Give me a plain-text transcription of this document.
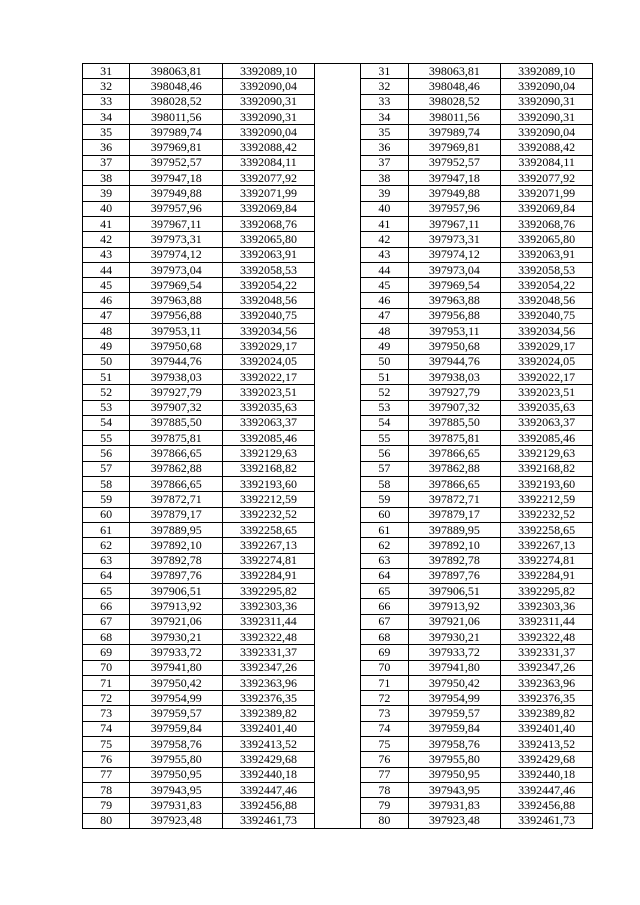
31	398063,81	3392089,10		31	398063,81	3392089,10
32	398048,46	3392090,04		32	398048,46	3392090,04
33	398028,52	3392090,31		33	398028,52	3392090,31
34	398011,56	3392090,31		34	398011,56	3392090,31
35	397989,74	3392090,04		35	397989,74	3392090,04
36	397969,81	3392088,42		36	397969,81	3392088,42
37	397952,57	3392084,11		37	397952,57	3392084,11
38	397947,18	3392077,92		38	397947,18	3392077,92
39	397949,88	3392071,99		39	397949,88	3392071,99
40	397957,96	3392069,84		40	397957,96	3392069,84
41	397967,11	3392068,76		41	397967,11	3392068,76
42	397973,31	3392065,80		42	397973,31	3392065,80
43	397974,12	3392063,91		43	397974,12	3392063,91
44	397973,04	3392058,53		44	397973,04	3392058,53
45	397969,54	3392054,22		45	397969,54	3392054,22
46	397963,88	3392048,56		46	397963,88	3392048,56
47	397956,88	3392040,75		47	397956,88	3392040,75
48	397953,11	3392034,56		48	397953,11	3392034,56
49	397950,68	3392029,17		49	397950,68	3392029,17
50	397944,76	3392024,05		50	397944,76	3392024,05
51	397938,03	3392022,17		51	397938,03	3392022,17
52	397927,79	3392023,51		52	397927,79	3392023,51
53	397907,32	3392035,63		53	397907,32	3392035,63
54	397885,50	3392063,37		54	397885,50	3392063,37
55	397875,81	3392085,46		55	397875,81	3392085,46
56	397866,65	3392129,63		56	397866,65	3392129,63
57	397862,88	3392168,82		57	397862,88	3392168,82
58	397866,65	3392193,60		58	397866,65	3392193,60
59	397872,71	3392212,59		59	397872,71	3392212,59
60	397879,17	3392232,52		60	397879,17	3392232,52
61	397889,95	3392258,65		61	397889,95	3392258,65
62	397892,10	3392267,13		62	397892,10	3392267,13
63	397892,78	3392274,81		63	397892,78	3392274,81
64	397897,76	3392284,91		64	397897,76	3392284,91
65	397906,51	3392295,82		65	397906,51	3392295,82
66	397913,92	3392303,36		66	397913,92	3392303,36
67	397921,06	3392311,44		67	397921,06	3392311,44
68	397930,21	3392322,48		68	397930,21	3392322,48
69	397933,72	3392331,37		69	397933,72	3392331,37
70	397941,80	3392347,26		70	397941,80	3392347,26
71	397950,42	3392363,96		71	397950,42	3392363,96
72	397954,99	3392376,35		72	397954,99	3392376,35
73	397959,57	3392389,82		73	397959,57	3392389,82
74	397959,84	3392401,40		74	397959,84	3392401,40
75	397958,76	3392413,52		75	397958,76	3392413,52
76	397955,80	3392429,68		76	397955,80	3392429,68
77	397950,95	3392440,18		77	397950,95	3392440,18
78	397943,95	3392447,46		78	397943,95	3392447,46
79	397931,83	3392456,88		79	397931,83	3392456,88
80	397923,48	3392461,73		80	397923,48	3392461,73
